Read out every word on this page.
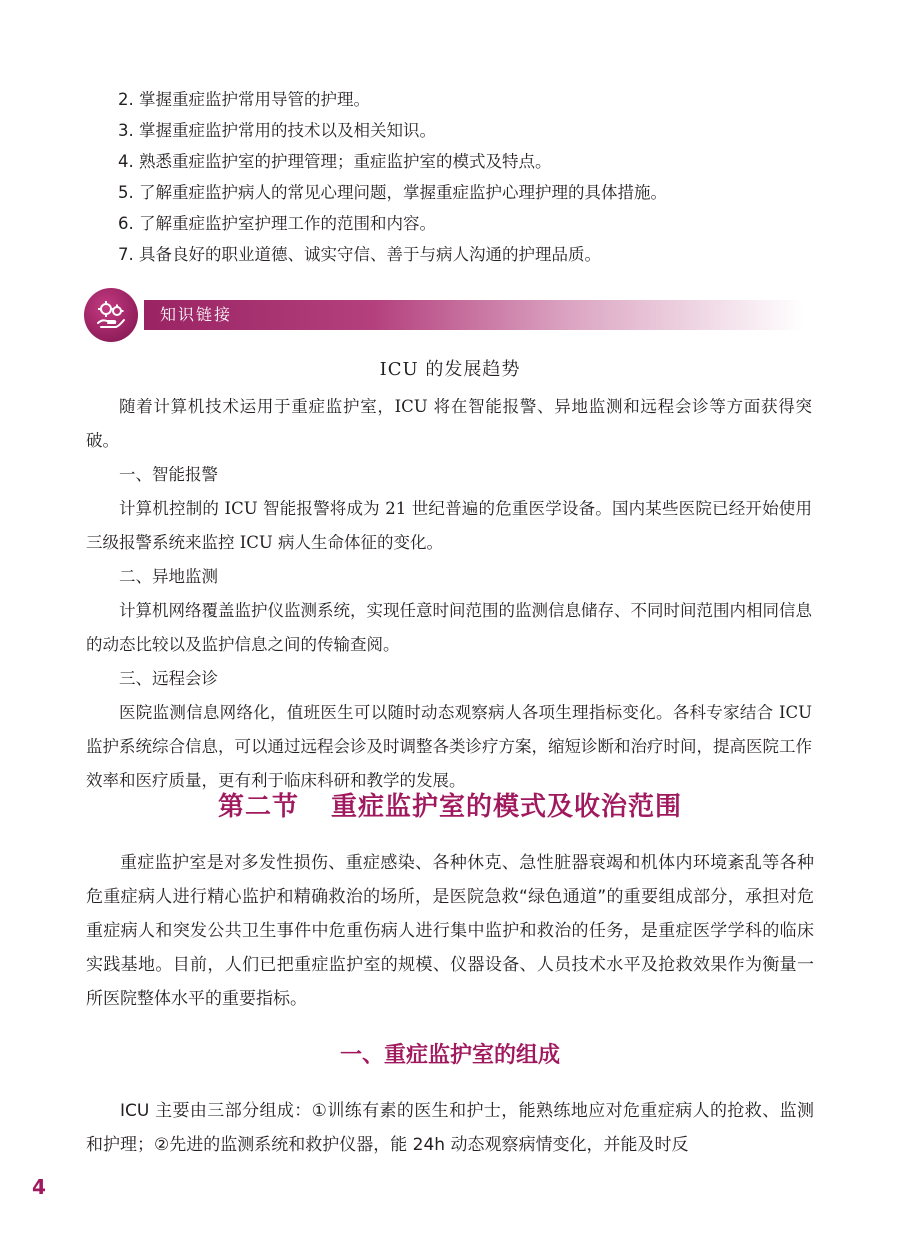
2. 掌握重症监护常用导管的护理。
3. 掌握重症监护常用的技术以及相关知识。
4. 熟悉重症监护室的护理管理；重症监护室的模式及特点。
5. 了解重症监护病人的常见心理问题，掌握重症监护心理护理的具体措施。
6. 了解重症监护室护理工作的范围和内容。
7. 具备良好的职业道德、诚实守信、善于与病人沟通的护理品质。
知识链接
ICU 的发展趋势

随着计算机技术运用于重症监护室，ICU 将在智能报警、异地监测和远程会诊等方面获得突破。

一、智能报警

计算机控制的 ICU 智能报警将成为 21 世纪普遍的危重医学设备。国内某些医院已经开始使用三级报警系统来监控 ICU 病人生命体征的变化。

二、异地监测

计算机网络覆盖监护仪监测系统，实现任意时间范围的监测信息储存、不同时间范围内相同信息的动态比较以及监护信息之间的传输查阅。

三、远程会诊

医院监测信息网络化，值班医生可以随时动态观察病人各项生理指标变化。各科专家结合 ICU 监护系统综合信息，可以通过远程会诊及时调整各类诊疗方案，缩短诊断和治疗时间，提高医院工作效率和医疗质量，更有利于临床科研和教学的发展。

第二节 重症监护室的模式及收治范围

重症监护室是对多发性损伤、重症感染、各种休克、急性脏器衰竭和机体内环境紊乱等各种危重症病人进行精心监护和精确救治的场所，是医院急救“绿色通道”的重要组成部分，承担对危重症病人和突发公共卫生事件中危重伤病人进行集中监护和救治的任务，是重症医学学科的临床实践基地。目前，人们已把重症监护室的规模、仪器设备、人员技术水平及抢救效果作为衡量一所医院整体水平的重要指标。

一、重症监护室的组成

ICU 主要由三部分组成：①训练有素的医生和护士，能熟练地应对危重症病人的抢救、监测和护理；②先进的监测系统和救护仪器，能 24h 动态观察病情变化，并能及时反

4
